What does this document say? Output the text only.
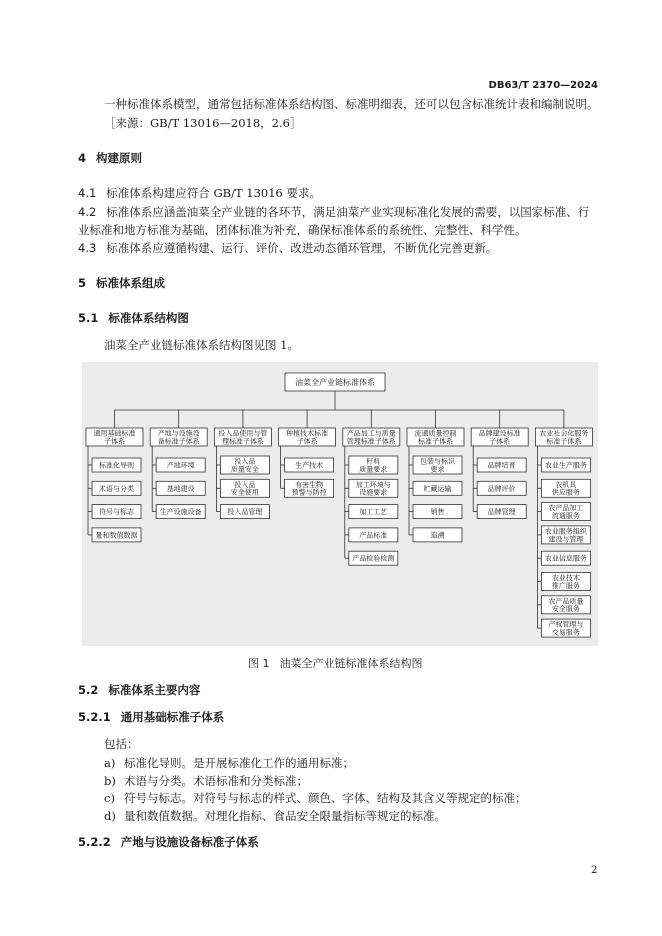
DB63/T 2370—2024
一种标准体系模型，通常包括标准体系结构图、标准明细表，还可以包含标准统计表和编制说明。
［来源：GB/T 13016—2018，2.6］
4 构建原则
4.1 标准体系构建应符合 GB/T 13016 要求。
4.2 标准体系应涵盖油菜全产业链的各环节，满足油菜产业实现标准化发展的需要，以国家标准、行
业标准和地方标准为基础，团体标准为补充，确保标准体系的系统性、完整性、科学性。
4.3 标准体系应遵循构建、运行、评价、改进动态循环管理，不断优化完善更新。
5 标准体系组成
5.1 标准体系结构图
油菜全产业链标准体系结构图见图 1。
油菜全产业链标准体系
通用基础标准子体系
标准化导则
术语与分类
符号与标志
量和数值数据
产地与设施设备标准子体系
产地环境
基地建设
生产设施设备
投入品使用与管理标准子体系
投入品质量安全
投入品安全使用
投入品管理
种植技术标准子体系
生产技术
有害生物预警与防控
产品加工与质量管理标准子体系
籽料质量要求
加工环境与设施要求
加工工艺
产品标准
产品检验检测
流通质量控制标准子体系
包装与标识要求
贮藏运输
销售
追溯
品牌建设标准子体系
品牌培育
品牌评价
品牌管理
农业社会化服务标准子体系
农业生产服务
农机具供应服务
农产品加工流通服务
农业服务组织建设与管理
农业信息服务
农业技术推广服务
农产品质量安全服务
产权管理与交易服务
图 1 油菜全产业链标准体系结构图
5.2 标准体系主要内容
5.2.1 通用基础标准子体系
包括：
a) 标准化导则。是开展标准化工作的通用标准；
b) 术语与分类。术语标准和分类标准；
c) 符号与标志。对符号与标志的样式、颜色、字体、结构及其含义等规定的标准；
d) 量和数值数据。对理化指标、食品安全限量指标等规定的标准。
5.2.2 产地与设施设备标准子体系
2
